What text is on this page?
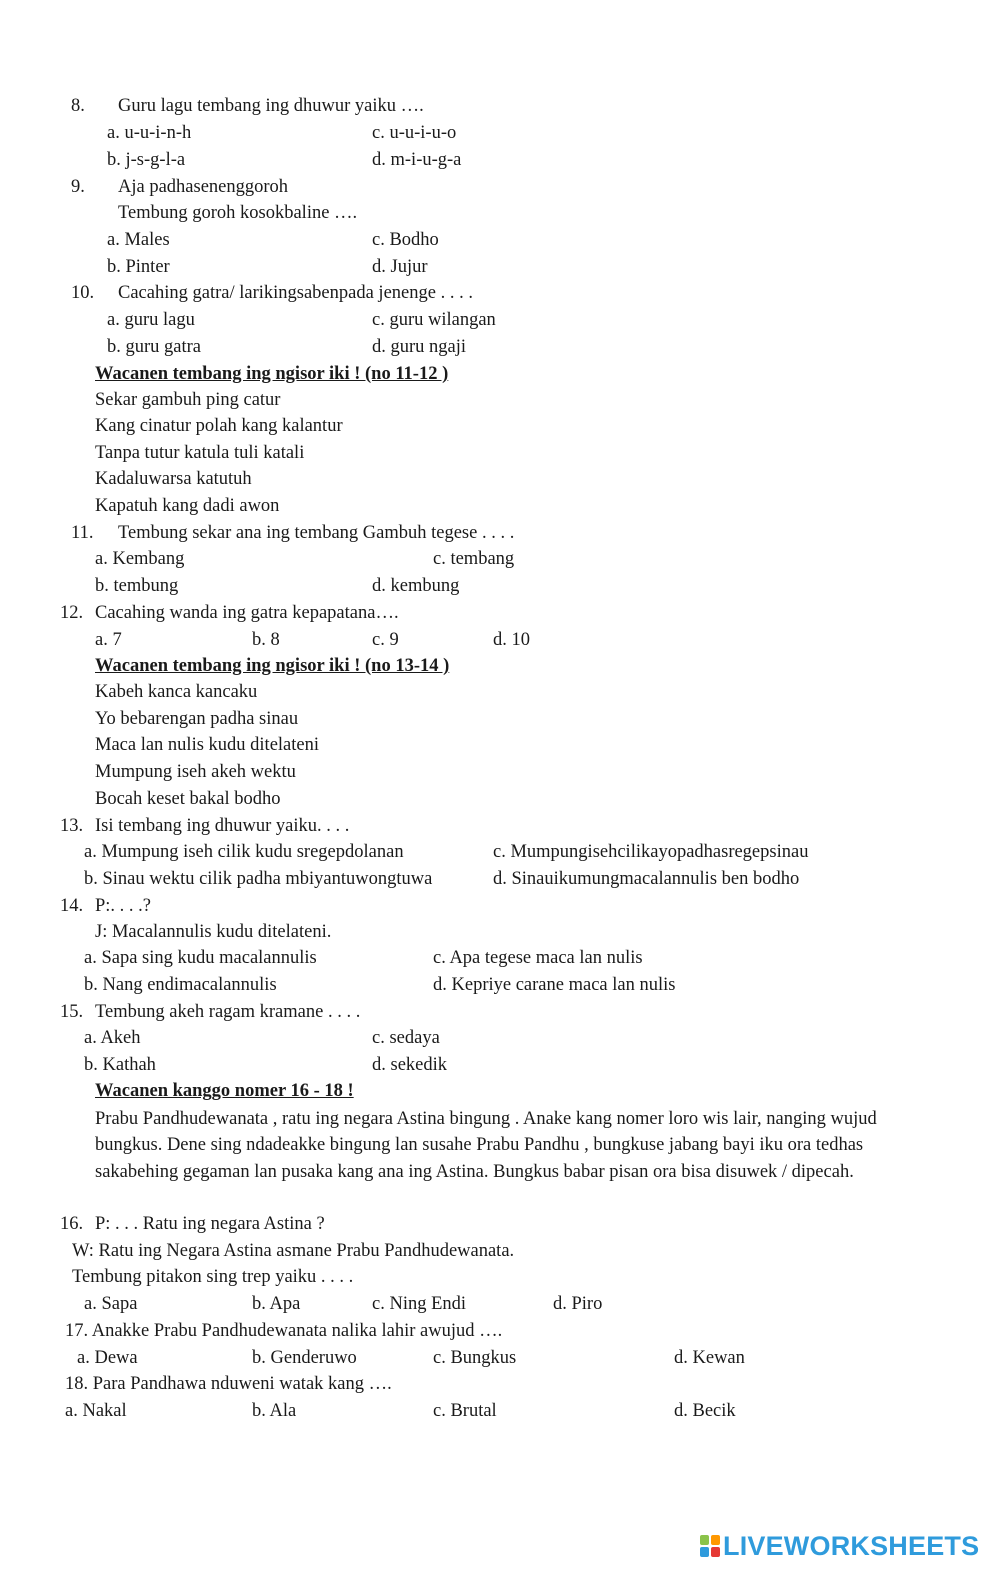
8. Guru lagu tembang ing dhuwur yaiku ….
a. u-u-i-n-h	c. u-u-i-u-o
b. j-s-g-l-a	d. m-i-u-g-a
9. Aja padhasenenggoroh
Tembung goroh kosokbaline ….
a. Males	c. Bodho
b. Pinter	d. Jujur
10. Cacahing gatra/ larikingsabenpada jenenge . . . .
a. guru lagu	c. guru wilangan
b. guru gatra	d. guru ngaji
Wacanen tembang ing ngisor iki ! (no 11-12 )
Sekar gambuh ping catur
Kang cinatur polah kang kalantur
Tanpa tutur katula tuli katali
Kadaluwarsa katutuh
Kapatuh kang dadi awon
11. Tembung sekar ana ing tembang Gambuh tegese . . . .
a. Kembang	c. tembang
b. tembung	d. kembung
12. Cacahing wanda ing gatra kepapatana….
a. 7	b. 8	c. 9	d. 10
Wacanen tembang ing ngisor iki ! (no 13-14 )
Kabeh kanca kancaku
Yo bebarengan padha sinau
Maca lan nulis kudu ditelateni
Mumpung iseh akeh wektu
Bocah keset bakal bodho
13. Isi tembang ing dhuwur yaiku. . . .
a. Mumpung iseh cilik kudu sregepdolanan	c. Mumpungisehcilikayopadhasregepsinau
b. Sinau wektu cilik padha mbiyantuwongtuwa	d. Sinauikumungmacalannulis ben bodho
14. P:. . . .?
J: Macalannulis kudu ditelateni.
a. Sapa sing kudu macalannulis	c. Apa tegese maca lan nulis
b. Nang endimacalannulis	d. Kepriye carane maca lan nulis
15. Tembung akeh ragam kramane . . . .
a. Akeh	c. sedaya
b. Kathah	d. sekedik
Wacanen kanggo nomer 16 - 18 !
Prabu Pandhudewanata , ratu ing negara Astina bingung . Anake kang nomer loro wis lair, nanging wujud bungkus. Dene sing ndadeakke bingung lan susahe Prabu Pandhu , bungkuse jabang bayi iku ora tedhas sakabehing gegaman lan pusaka kang ana ing Astina. Bungkus babar pisan ora bisa disuwek / dipecah.
16. P: . . . Ratu ing negara Astina ?
W: Ratu ing Negara Astina asmane Prabu Pandhudewanata.
Tembung pitakon sing trep yaiku . . . .
a. Sapa	b. Apa	c. Ning Endi	d. Piro
17. Anakke Prabu Pandhudewanata nalika lahir awujud ….
a. Dewa	b. Genderuwo	c. Bungkus	d. Kewan
18. Para Pandhawa nduweni watak kang ….
a. Nakal	b. Ala	c. Brutal	d. Becik
LIVEWORKSHEETS
